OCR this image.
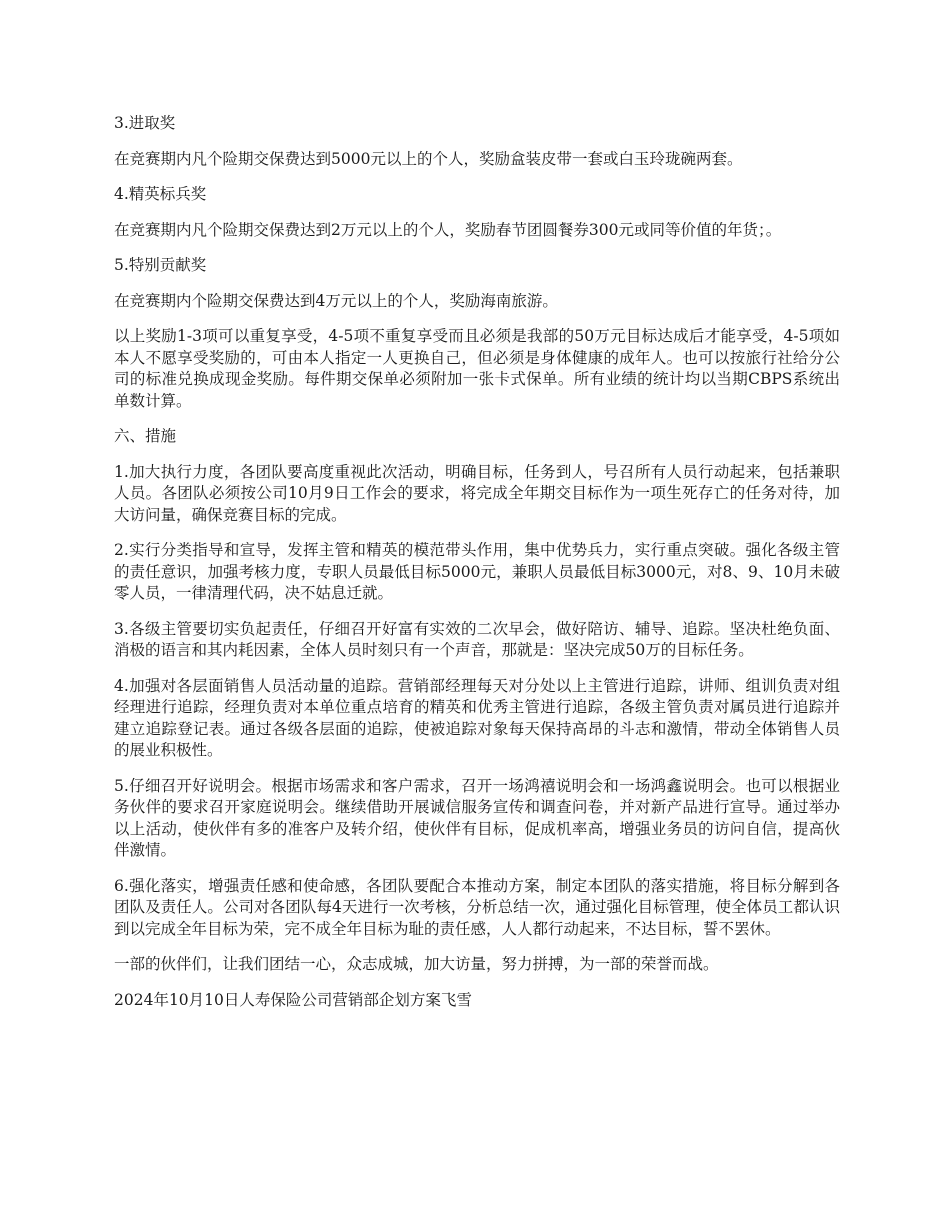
3.进取奖

在竞赛期内凡个险期交保费达到5000元以上的个人，奖励盒装皮带一套或白玉玲珑碗两套。

4.精英标兵奖

在竞赛期内凡个险期交保费达到2万元以上的个人，奖励春节团圆餐券300元或同等价值的年货；。

5.特别贡献奖

在竞赛期内个险期交保费达到4万元以上的个人，奖励海南旅游。

以上奖励1-3项可以重复享受，4-5项不重复享受而且必须是我部的50万元目标达成后才能享受，4-5项如本人不愿享受奖励的，可由本人指定一人更换自己，但必须是身体健康的成年人。也可以按旅行社给分公司的标准兑换成现金奖励。每件期交保单必须附加一张卡式保单。所有业绩的统计均以当期CBPS系统出单数计算。

六、措施

1.加大执行力度，各团队要高度重视此次活动，明确目标，任务到人，号召所有人员行动起来，包括兼职人员。各团队必须按公司10月9日工作会的要求，将完成全年期交目标作为一项生死存亡的任务对待，加大访问量，确保竞赛目标的完成。

2.实行分类指导和宣导，发挥主管和精英的模范带头作用，集中优势兵力，实行重点突破。强化各级主管的责任意识，加强考核力度，专职人员最低目标5000元，兼职人员最低目标3000元，对8、9、10月未破零人员，一律清理代码，决不姑息迁就。

3.各级主管要切实负起责任，仔细召开好富有实效的二次早会，做好陪访、辅导、追踪。坚决杜绝负面、消极的语言和其内耗因素，全体人员时刻只有一个声音，那就是：坚决完成50万的目标任务。

4.加强对各层面销售人员活动量的追踪。营销部经理每天对分处以上主管进行追踪，讲师、组训负责对组经理进行追踪，经理负责对本单位重点培育的精英和优秀主管进行追踪，各级主管负责对属员进行追踪并建立追踪登记表。通过各级各层面的追踪，使被追踪对象每天保持高昂的斗志和激情，带动全体销售人员的展业积极性。

5.仔细召开好说明会。根据市场需求和客户需求，召开一场鸿禧说明会和一场鸿鑫说明会。也可以根据业务伙伴的要求召开家庭说明会。继续借助开展诚信服务宣传和调查问卷，并对新产品进行宣导。通过举办以上活动，使伙伴有多的准客户及转介绍，使伙伴有目标，促成机率高，增强业务员的访问自信，提高伙伴激情。

6.强化落实，增强责任感和使命感，各团队要配合本推动方案，制定本团队的落实措施，将目标分解到各团队及责任人。公司对各团队每4天进行一次考核，分析总结一次，通过强化目标管理，使全体员工都认识到以完成全年目标为荣，完不成全年目标为耻的责任感，人人都行动起来，不达目标，誓不罢休。

一部的伙伴们，让我们团结一心，众志成城，加大访量，努力拼搏，为一部的荣誉而战。

2024年10月10日人寿保险公司营销部企划方案飞雪
